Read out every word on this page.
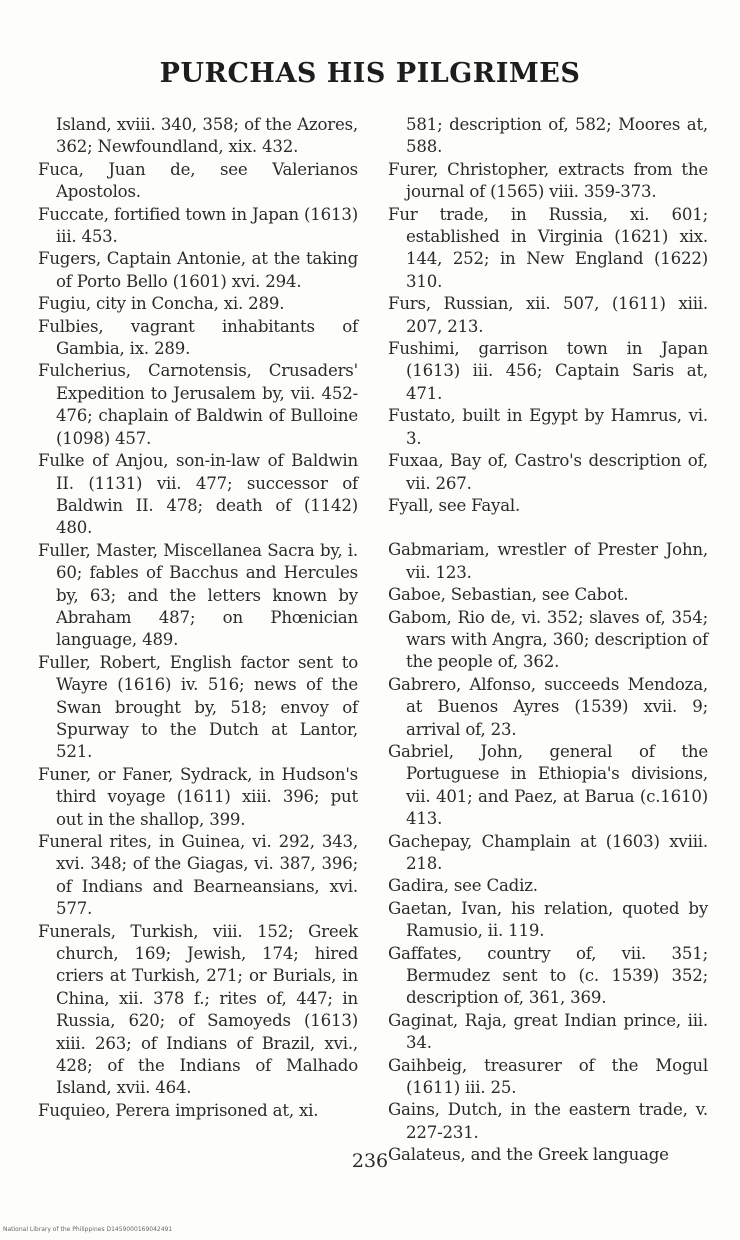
PURCHAS HIS PILGRIMES

Island, xviii. 340, 358; of the Azores, 362; Newfoundland, xix. 432.

Fuca, Juan de, see Valerianos Apostolos.

Fuccate, fortified town in Japan (1613) iii. 453.

Fugers, Captain Antonie, at the taking of Porto Bello (1601) xvi. 294.

Fugiu, city in Concha, xi. 289.

Fulbies, vagrant inhabitants of Gambia, ix. 289.

Fulcherius, Carnotensis, Crusaders' Expedition to Jerusalem by, vii. 452-476; chaplain of Baldwin of Bulloine (1098) 457.

Fulke of Anjou, son-in-law of Baldwin II. (1131) vii. 477; successor of Baldwin II. 478; death of (1142) 480.

Fuller, Master, Miscellanea Sacra by, i. 60; fables of Bacchus and Hercules by, 63; and the letters known by Abraham 487; on Phœnician language, 489.

Fuller, Robert, English factor sent to Wayre (1616) iv. 516; news of the Swan brought by, 518; envoy of Spurway to the Dutch at Lantor, 521.

Funer, or Faner, Sydrack, in Hudson's third voyage (1611) xiii. 396; put out in the shallop, 399.

Funeral rites, in Guinea, vi. 292, 343, xvi. 348; of the Giagas, vi. 387, 396; of Indians and Bearneansians, xvi. 577.

Funerals, Turkish, viii. 152; Greek church, 169; Jewish, 174; hired criers at Turkish, 271; or Burials, in China, xii. 378 f.; rites of, 447; in Russia, 620; of Samoyeds (1613) xiii. 263; of Indians of Brazil, xvi., 428; of the Indians of Malhado Island, xvii. 464.

Fuquieo, Perera imprisoned at, xi.

581; description of, 582; Moores at, 588.

Furer, Christopher, extracts from the journal of (1565) viii. 359-373.

Fur trade, in Russia, xi. 601; established in Virginia (1621) xix. 144, 252; in New England (1622) 310.

Furs, Russian, xii. 507, (1611) xiii. 207, 213.

Fushimi, garrison town in Japan (1613) iii. 456; Captain Saris at, 471.

Fustato, built in Egypt by Hamrus, vi. 3.

Fuxaa, Bay of, Castro's description of, vii. 267.

Fyall, see Fayal.

Gabmariam, wrestler of Prester John, vii. 123.

Gaboe, Sebastian, see Cabot.

Gabom, Rio de, vi. 352; slaves of, 354; wars with Angra, 360; description of the people of, 362.

Gabrero, Alfonso, succeeds Mendoza, at Buenos Ayres (1539) xvii. 9; arrival of, 23.

Gabriel, John, general of the Portuguese in Ethiopia's divisions, vii. 401; and Paez, at Barua (c.1610) 413.

Gachepay, Champlain at (1603) xviii. 218.

Gadira, see Cadiz.

Gaetan, Ivan, his relation, quoted by Ramusio, ii. 119.

Gaffates, country of, vii. 351; Bermudez sent to (c. 1539) 352; description of, 361, 369.

Gaginat, Raja, great Indian prince, iii. 34.

Gaihbeig, treasurer of the Mogul (1611) iii. 25.

Gains, Dutch, in the eastern trade, v. 227-231.

Galateus, and the Greek language

236
National Library of the Philippines D1459000169042491
